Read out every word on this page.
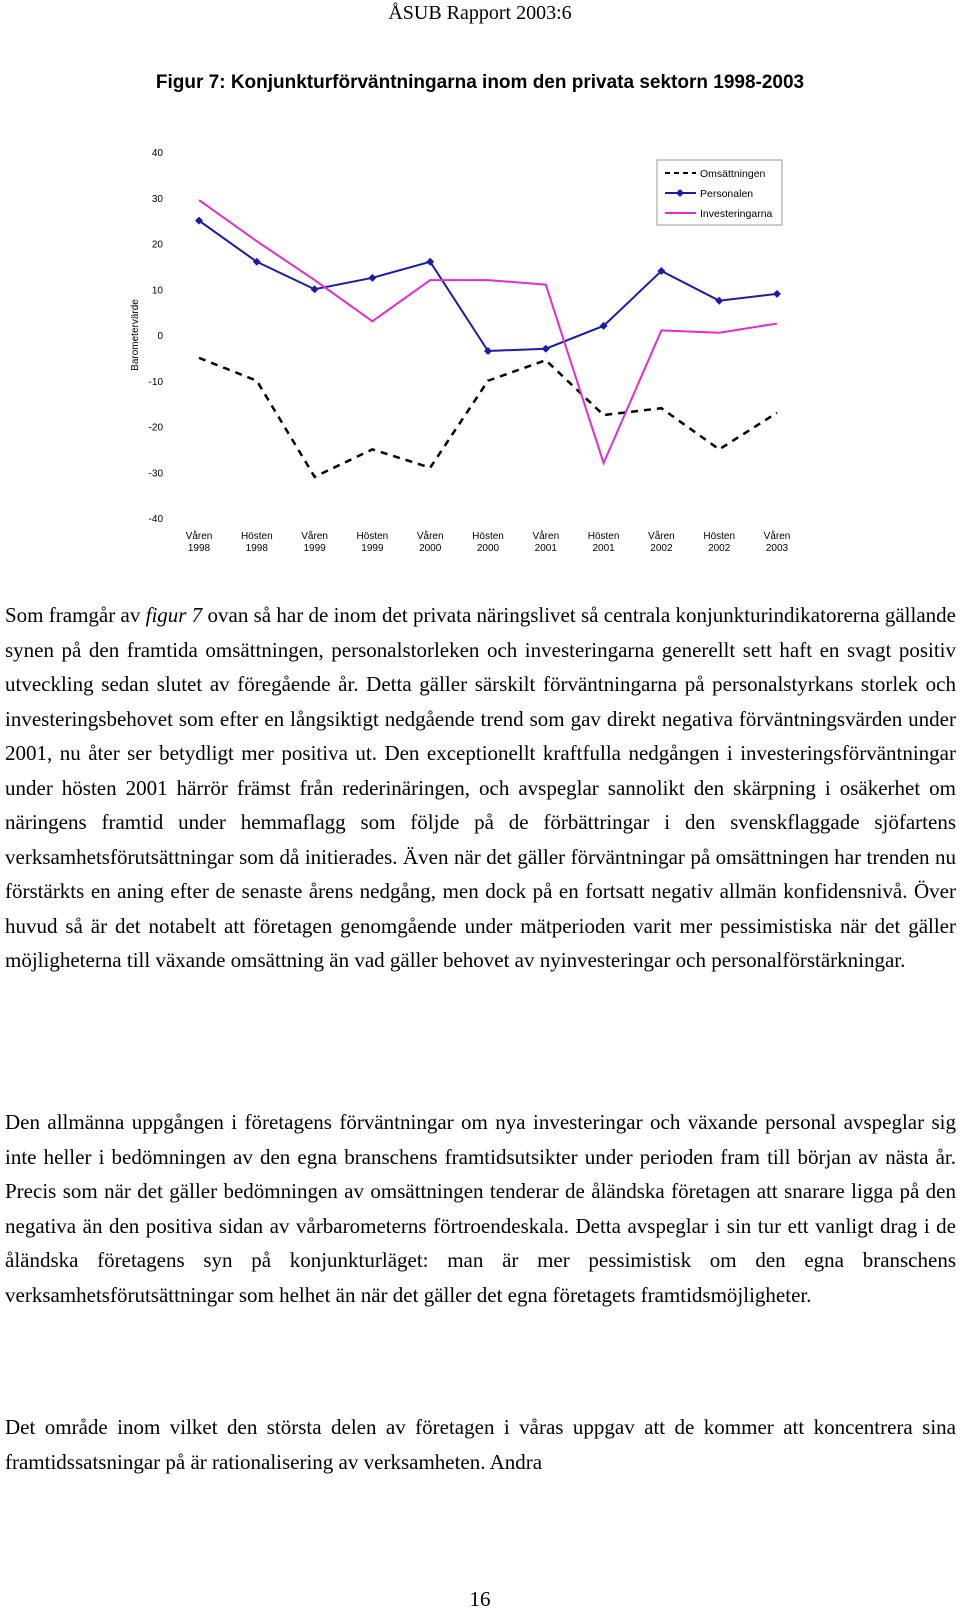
ÅSUB Rapport 2003:6
Figur 7: Konjunkturförväntningarna inom den privata sektorn 1998-2003
40
30
20
10
0
-10
-20
-30
-40
Barometervärde
Våren
1998
Hösten
1998
Våren
1999
Hösten
1999
Våren
2000
Hösten
2000
Våren
2001
Hösten
2001
Våren
2002
Hösten
2002
Våren
2003
Omsättningen
Personalen
Investeringarna

Som framgår av figur 7 ovan så har de inom det privata näringslivet så centrala konjunkturindikatorerna gällande synen på den framtida omsättningen, personalstorleken och investeringarna generellt sett haft en svagt positiv utveckling sedan slutet av föregående år. Detta gäller särskilt förväntningarna på personalstyrkans storlek och investeringsbehovet som efter en långsiktigt nedgående trend som gav direkt negativa förväntningsvärden under 2001, nu åter ser betydligt mer positiva ut. Den exceptionellt kraftfulla nedgången i investeringsförväntningar under hösten 2001 härrör främst från rederinäringen, och avspeglar sannolikt den skärpning i osäkerhet om näringens framtid under hemmaflagg som följde på de förbättringar i den svenskflaggade sjöfartens verksamhetsförutsättningar som då initierades. Även när det gäller förväntningar på omsättningen har trenden nu förstärkts en aning efter de senaste årens nedgång, men dock på en fortsatt negativ allmän konfidensnivå. Över huvud så är det notabelt att företagen genomgående under mätperioden varit mer pessimistiska när det gäller möjligheterna till växande omsättning än vad gäller behovet av nyinvesteringar och personalförstärkningar.

Den allmänna uppgången i företagens förväntningar om nya investeringar och växande personal avspeglar sig inte heller i bedömningen av den egna branschens framtidsutsikter under perioden fram till början av nästa år. Precis som när det gäller bedömningen av omsättningen tenderar de åländska företagen att snarare ligga på den negativa än den positiva sidan av vårbarometerns förtroendeskala. Detta avspeglar i sin tur ett vanligt drag i de åländska företagens syn på konjunkturläget: man är mer pessimistisk om den egna branschens verksamhetsförutsättningar som helhet än när det gäller det egna företagets framtidsmöjligheter.

Det område inom vilket den största delen av företagen i våras uppgav att de kommer att koncentrera sina framtidssatsningar på är rationalisering av verksamheten. Andra

16
